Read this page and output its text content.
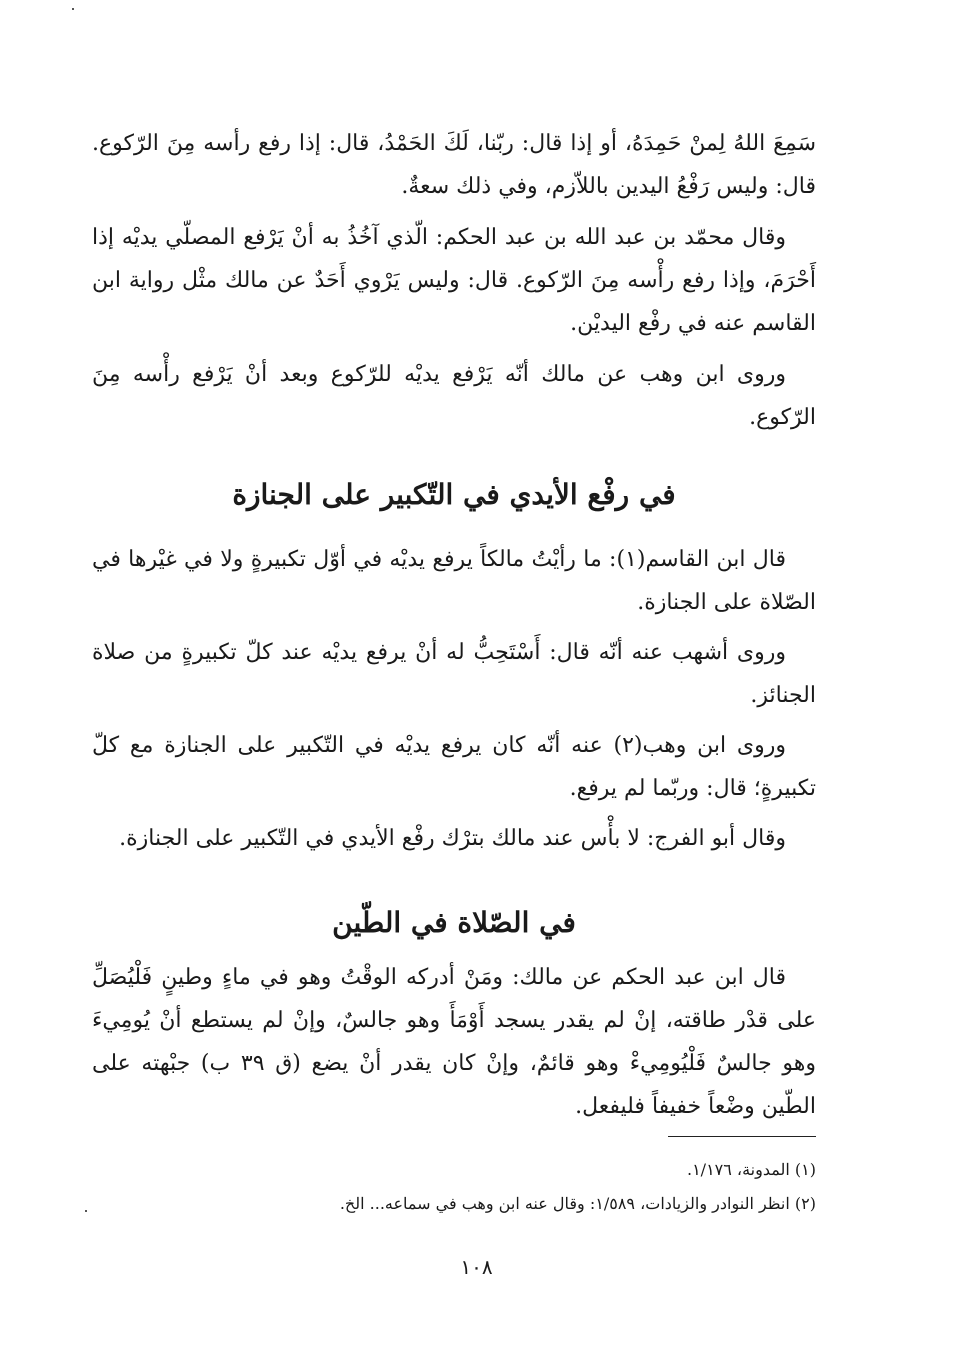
سَمِعَ اللهُ لِمنْ حَمِدَهُ، أو إذا قال: ربّنا، لَكَ الحَمْدُ، قال: إذا رفع رأسه مِنَ الرّكوع. قال: وليس رَفْعُ اليدين باللاّزم، وفي ذلك سعةٌ.

وقال محمّد بن عبد الله بن عبد الحكم: الّذي آخُذُ به أنْ يَرْفع المصلّي يديْه إذا أَحْرَمَ، وإذا رفع رأْسه مِنَ الرّكوع. قال: وليس يَرْوي أَحَدٌ عن مالك مثْل رواية ابن القاسم عنه في رفْع اليديْن.

وروى ابن وهب عن مالك أنّه يَرْفع يديْه للرّكوع وبعد أنْ يَرْفع رأْسه مِنَ الرّكوع.

في رفْع الأيدي في التّكبير على الجنازة

قال ابن القاسم(١): ما رأيْتُ مالكاً يرفع يديْه في أوّل تكبيرةٍ ولا في غيْرها في الصّلاة على الجنازة.

وروى أشهب عنه أنّه قال: أَسْتَحِبُّ له أنْ يرفع يديْه عند كلّ تكبيرةٍ من صلاة الجنائز.

وروى ابن وهب(٢) عنه أنّه كان يرفع يديْه في التّكبير على الجنازة مع كلّ تكبيرةٍ؛ قال: وربّما لم يرفع.

وقال أبو الفرج: لا بأْس عند مالك بترْك رفْع الأيدي في التّكبير على الجنازة.

في الصّلاة في الطّين

قال ابن عبد الحكم عن مالك: ومَنْ أدركه الوقْتُ وهو في ماءٍ وطينٍ فَلْيُصَلِّ على قدْر طاقته، إنْ لم يقدر يسجد أَوْمَأَ وهو جالسٌ، وإنْ لم يستطع أنْ يُومِيءَ وهو جالسٌ فَلْيُومِيءْ وهو قائمٌ، وإنْ كان يقدر أنْ يضع (ق ٣٩ ب) جبْهته على الطّين وضْعاً خفيفاً فليفعل.

(١) المدونة، ١/١٧٦.

(٢) انظر النوادر والزيادات، ١/٥٨٩: وقال عنه ابن وهب في سماعه... الخ.

١٠٨
